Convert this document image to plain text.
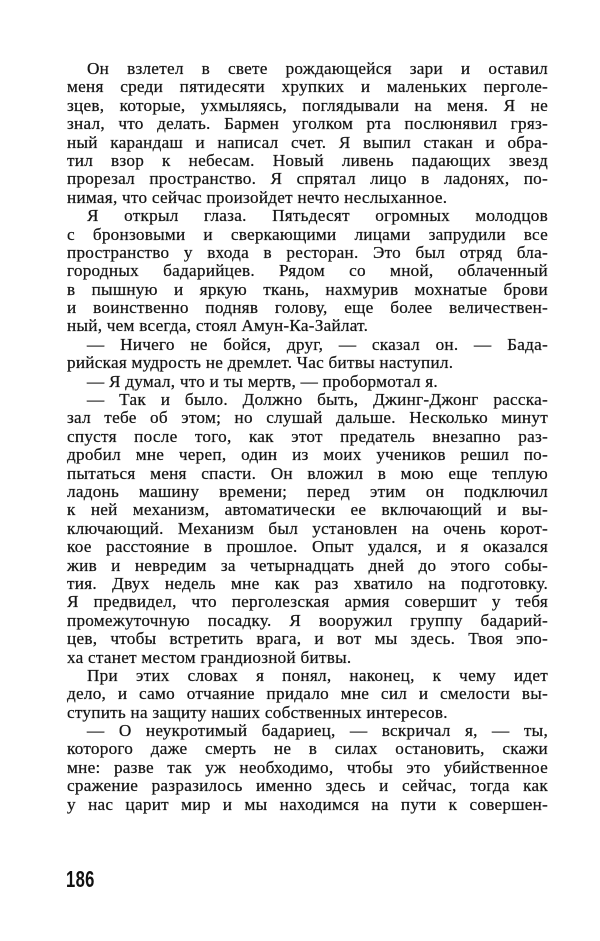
Он взлетел в свете рождающейся зари и оставил
меня среди пятидесяти хрупких и маленьких перголе-
зцев, которые, ухмыляясь, поглядывали на меня. Я не
знал, что делать. Бармен уголком рта послюнявил гряз-
ный карандаш и написал счет. Я выпил стакан и обра-
тил взор к небесам. Новый ливень падающих звезд
прорезал пространство. Я спрятал лицо в ладонях, по-
нимая, что сейчас произойдет нечто неслыханное.
Я открыл глаза. Пятьдесят огромных молодцов
с бронзовыми и сверкающими лицами запрудили все
пространство у входа в ресторан. Это был отряд бла-
городных бадарийцев. Рядом со мной, облаченный
в пышную и яркую ткань, нахмурив мохнатые брови
и воинственно подняв голову, еще более величествен-
ный, чем всегда, стоял Амун-Ка-Зайлат.
— Ничего не бойся, друг, — сказал он. — Бада-
рийская мудрость не дремлет. Час битвы наступил.
— Я думал, что и ты мертв, — пробормотал я.
— Так и было. Должно быть, Джинг-Джонг расска-
зал тебе об этом; но слушай дальше. Несколько минут
спустя после того, как этот предатель внезапно раз-
дробил мне череп, один из моих учеников решил по-
пытаться меня спасти. Он вложил в мою еще теплую
ладонь машину времени; перед этим он подключил
к ней механизм, автоматически ее включающий и вы-
ключающий. Механизм был установлен на очень корот-
кое расстояние в прошлое. Опыт удался, и я оказался
жив и невредим за четырнадцать дней до этого собы-
тия. Двух недель мне как раз хватило на подготовку.
Я предвидел, что перголезская армия совершит у тебя
промежуточную посадку. Я вооружил группу бадарий-
цев, чтобы встретить врага, и вот мы здесь. Твоя эпо-
ха станет местом грандиозной битвы.
При этих словах я понял, наконец, к чему идет
дело, и само отчаяние придало мне сил и смелости вы-
ступить на защиту наших собственных интересов.
— О неукротимый бадариец, — вскричал я, — ты,
которого даже смерть не в силах остановить, скажи
мне: разве так уж необходимо, чтобы это убийственное
сражение разразилось именно здесь и сейчас, тогда как
у нас царит мир и мы находимся на пути к совершен-
186
